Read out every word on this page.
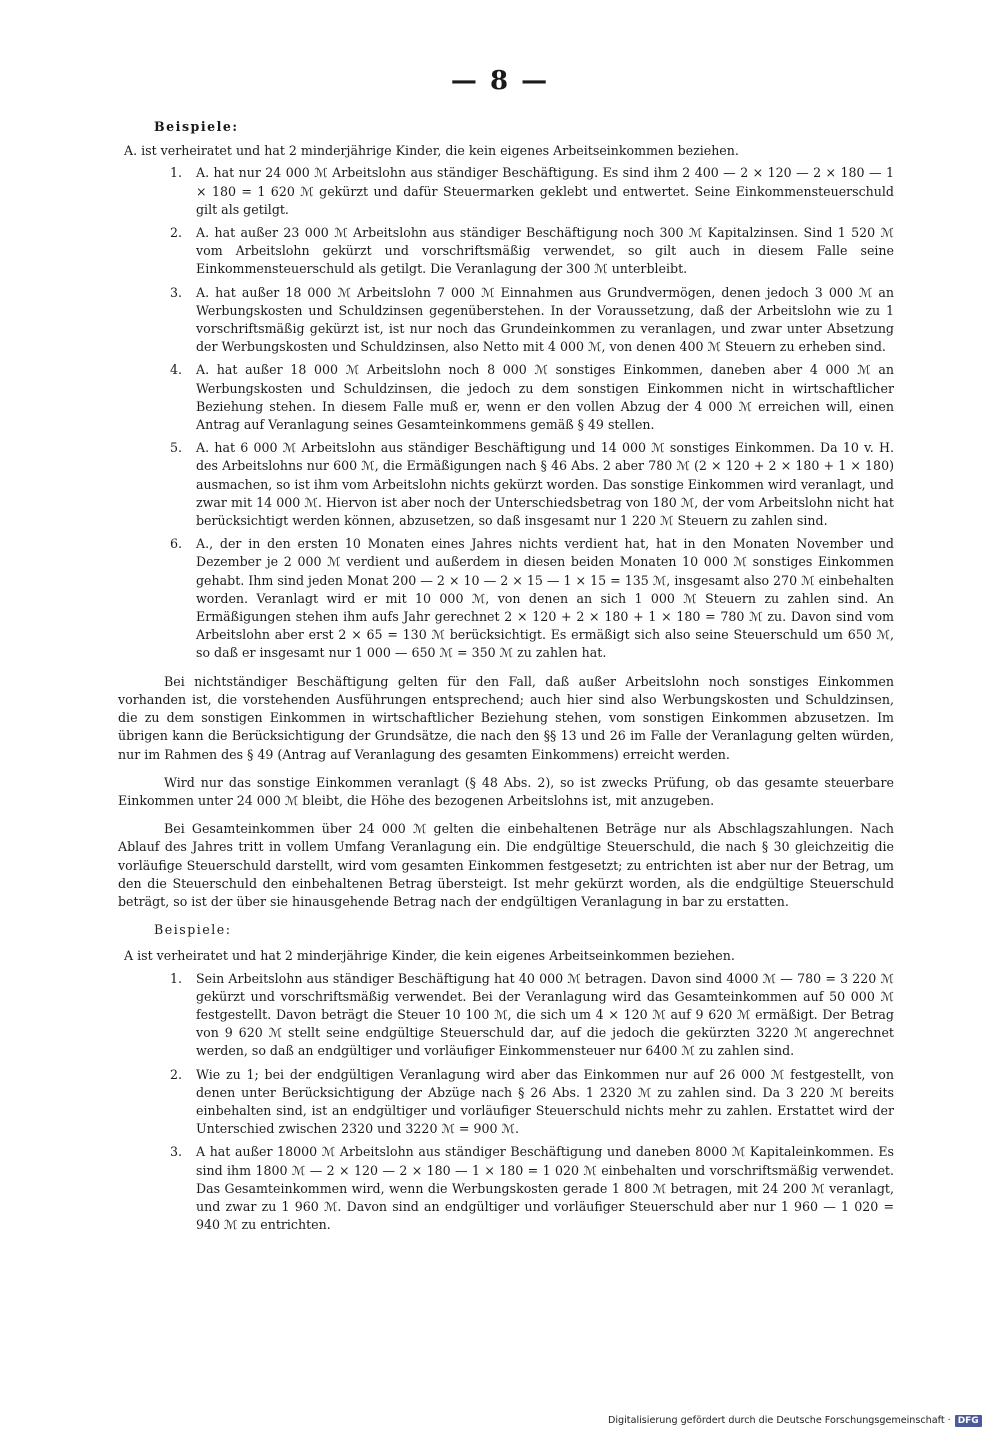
— 8 —
Beispiele:
A. ist verheiratet und hat 2 minderjährige Kinder, die kein eigenes Arbeitseinkommen beziehen.
1.	A. hat nur 24 000 ℳ Arbeitslohn aus ständiger Beschäftigung. Es sind ihm 2 400 — 2 × 120 — 2 × 180 — 1 × 180 = 1 620 ℳ gekürzt und dafür Steuermarken geklebt und entwertet. Seine Einkommensteuerschuld gilt als getilgt.
2.	A. hat außer 23 000 ℳ Arbeitslohn aus ständiger Beschäftigung noch 300 ℳ Kapitalzinsen. Sind 1 520 ℳ vom Arbeitslohn gekürzt und vorschriftsmäßig verwendet, so gilt auch in diesem Falle seine Einkommensteuerschuld als getilgt. Die Veranlagung der 300 ℳ unterbleibt.
3.	A. hat außer 18 000 ℳ Arbeitslohn 7 000 ℳ Einnahmen aus Grundvermögen, denen jedoch 3 000 ℳ an Werbungskosten und Schuldzinsen gegenüberstehen. In der Voraussetzung, daß der Arbeitslohn wie zu 1 vorschriftsmäßig gekürzt ist, ist nur noch das Grundeinkommen zu veranlagen, und zwar unter Absetzung der Werbungskosten und Schuldzinsen, also Netto mit 4 000 ℳ, von denen 400 ℳ Steuern zu erheben sind.
4.	A. hat außer 18 000 ℳ Arbeitslohn noch 8 000 ℳ sonstiges Einkommen, daneben aber 4 000 ℳ an Werbungskosten und Schuldzinsen, die jedoch zu dem sonstigen Einkommen nicht in wirtschaftlicher Beziehung stehen. In diesem Falle muß er, wenn er den vollen Abzug der 4 000 ℳ erreichen will, einen Antrag auf Veranlagung seines Gesamteinkommens gemäß § 49 stellen.
5.	A. hat 6 000 ℳ Arbeitslohn aus ständiger Beschäftigung und 14 000 ℳ sonstiges Einkommen. Da 10 v. H. des Arbeitslohns nur 600 ℳ, die Ermäßigungen nach § 46 Abs. 2 aber 780 ℳ (2 × 120 + 2 × 180 + 1 × 180) ausmachen, so ist ihm vom Arbeitslohn nichts gekürzt worden. Das sonstige Einkommen wird veranlagt, und zwar mit 14 000 ℳ. Hiervon ist aber noch der Unterschiedsbetrag von 180 ℳ, der vom Arbeitslohn nicht hat berücksichtigt werden können, abzusetzen, so daß insgesamt nur 1 220 ℳ Steuern zu zahlen sind.
6.	A., der in den ersten 10 Monaten eines Jahres nichts verdient hat, hat in den Monaten November und Dezember je 2 000 ℳ verdient und außerdem in diesen beiden Monaten 10 000 ℳ sonstiges Einkommen gehabt. Ihm sind jeden Monat 200 — 2 × 10 — 2 × 15 — 1 × 15 = 135 ℳ, insgesamt also 270 ℳ einbehalten worden. Veranlagt wird er mit 10 000 ℳ, von denen an sich 1 000 ℳ Steuern zu zahlen sind. An Ermäßigungen stehen ihm aufs Jahr gerechnet 2 × 120 + 2 × 180 + 1 × 180 = 780 ℳ zu. Davon sind vom Arbeitslohn aber erst 2 × 65 = 130 ℳ berücksichtigt. Es ermäßigt sich also seine Steuerschuld um 650 ℳ, so daß er insgesamt nur 1 000 — 650 ℳ = 350 ℳ zu zahlen hat.

Bei nichtständiger Beschäftigung gelten für den Fall, daß außer Arbeitslohn noch sonstiges Einkommen vorhanden ist, die vorstehenden Ausführungen entsprechend; auch hier sind also Werbungskosten und Schuldzinsen, die zu dem sonstigen Einkommen in wirtschaftlicher Beziehung stehen, vom sonstigen Einkommen abzusetzen. Im übrigen kann die Berücksichtigung der Grundsätze, die nach den §§ 13 und 26 im Falle der Veranlagung gelten würden, nur im Rahmen des § 49 (Antrag auf Veranlagung des gesamten Einkommens) erreicht werden.

Wird nur das sonstige Einkommen veranlagt (§ 48 Abs. 2), so ist zwecks Prüfung, ob das gesamte steuerbare Einkommen unter 24 000 ℳ bleibt, die Höhe des bezogenen Arbeitslohns ist, mit anzugeben.

Bei Gesamteinkommen über 24 000 ℳ gelten die einbehaltenen Beträge nur als Abschlagszahlungen. Nach Ablauf des Jahres tritt in vollem Umfang Veranlagung ein. Die endgültige Steuerschuld, die nach § 30 gleichzeitig die vorläufige Steuerschuld darstellt, wird vom gesamten Einkommen festgesetzt; zu entrichten ist aber nur der Betrag, um den die Steuerschuld den einbehaltenen Betrag übersteigt. Ist mehr gekürzt worden, als die endgültige Steuerschuld beträgt, so ist der über sie hinausgehende Betrag nach der endgültigen Veranlagung in bar zu erstatten.

Beispiele:
A ist verheiratet und hat 2 minderjährige Kinder, die kein eigenes Arbeitseinkommen beziehen.
1.	Sein Arbeitslohn aus ständiger Beschäftigung hat 40 000 ℳ betragen. Davon sind 4000 ℳ — 780 = 3 220 ℳ gekürzt und vorschriftsmäßig verwendet. Bei der Veranlagung wird das Gesamteinkommen auf 50 000 ℳ festgestellt. Davon beträgt die Steuer 10 100 ℳ, die sich um 4 × 120 ℳ auf 9 620 ℳ ermäßigt. Der Betrag von 9 620 ℳ stellt seine endgültige Steuerschuld dar, auf die jedoch die gekürzten 3220 ℳ angerechnet werden, so daß an endgültiger und vorläufiger Einkommensteuer nur 6400 ℳ zu zahlen sind.
2.	Wie zu 1; bei der endgültigen Veranlagung wird aber das Einkommen nur auf 26 000 ℳ festgestellt, von denen unter Berücksichtigung der Abzüge nach § 26 Abs. 1 2320 ℳ zu zahlen sind. Da 3 220 ℳ bereits einbehalten sind, ist an endgültiger und vorläufiger Steuerschuld nichts mehr zu zahlen. Erstattet wird der Unterschied zwischen 2320 und 3220 ℳ = 900 ℳ.
3.	A hat außer 18000 ℳ Arbeitslohn aus ständiger Beschäftigung und daneben 8000 ℳ Kapitaleinkommen. Es sind ihm 1800 ℳ — 2 × 120 — 2 × 180 — 1 × 180 = 1 020 ℳ einbehalten und vorschriftsmäßig verwendet. Das Gesamteinkommen wird, wenn die Werbungskosten gerade 1 800 ℳ betragen, mit 24 200 ℳ veranlagt, und zwar zu 1 960 ℳ. Davon sind an endgültiger und vorläufiger Steuerschuld aber nur 1 960 — 1 020 = 940 ℳ zu entrichten.
Digitalisierung gefördert durch die Deutsche Forschungsgemeinschaft · DFG
